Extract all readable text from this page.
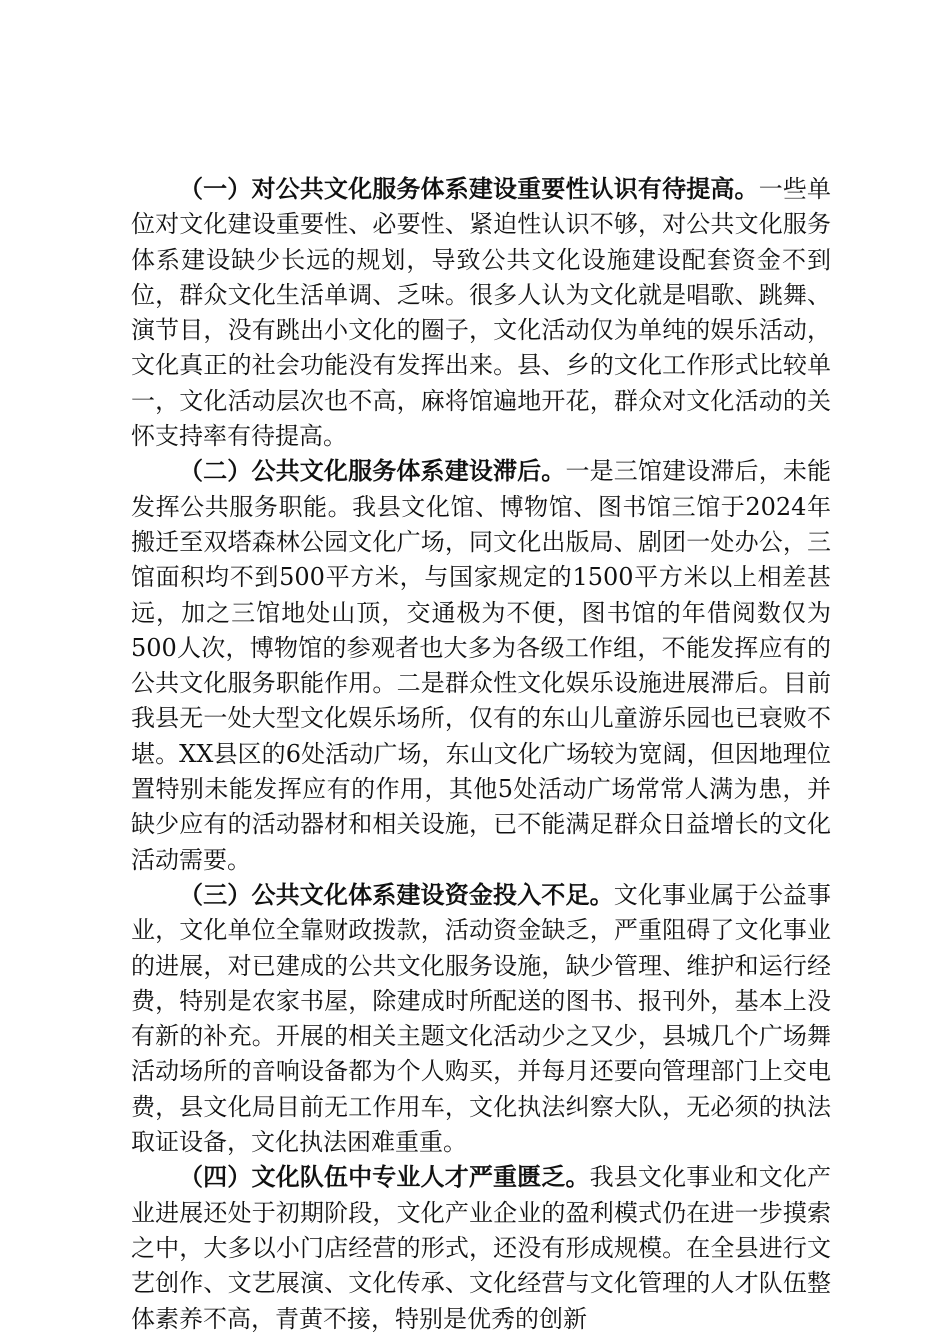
（一）对公共文化服务体系建设重要性认识有待提高。一些单位对文化建设重要性、必要性、紧迫性认识不够，对公共文化服务体系建设缺少长远的规划，导致公共文化设施建设配套资金不到位，群众文化生活单调、乏味。很多人认为文化就是唱歌、跳舞、演节目，没有跳出小文化的圈子，文化活动仅为单纯的娱乐活动，文化真正的社会功能没有发挥出来。县、乡的文化工作形式比较单一，文化活动层次也不高，麻将馆遍地开花，群众对文化活动的关怀支持率有待提高。

（二）公共文化服务体系建设滞后。一是三馆建设滞后，未能发挥公共服务职能。我县文化馆、博物馆、图书馆三馆于2024年搬迁至双塔森林公园文化广场，同文化出版局、剧团一处办公，三馆面积均不到500平方米，与国家规定的1500平方米以上相差甚远，加之三馆地处山顶，交通极为不便，图书馆的年借阅数仅为500人次，博物馆的参观者也大多为各级工作组，不能发挥应有的公共文化服务职能作用。二是群众性文化娱乐设施进展滞后。目前我县无一处大型文化娱乐场所，仅有的东山儿童游乐园也已衰败不堪。XX县区的6处活动广场，东山文化广场较为宽阔，但因地理位置特别未能发挥应有的作用，其他5处活动广场常常人满为患，并缺少应有的活动器材和相关设施，已不能满足群众日益增长的文化活动需要。

（三）公共文化体系建设资金投入不足。文化事业属于公益事业，文化单位全靠财政拨款，活动资金缺乏，严重阻碍了文化事业的进展，对已建成的公共文化服务设施，缺少管理、维护和运行经费，特别是农家书屋，除建成时所配送的图书、报刊外，基本上没有新的补充。开展的相关主题文化活动少之又少，县城几个广场舞活动场所的音响设备都为个人购买，并每月还要向管理部门上交电费，县文化局目前无工作用车，文化执法纠察大队，无必须的执法取证设备，文化执法困难重重。

（四）文化队伍中专业人才严重匮乏。我县文化事业和文化产业进展还处于初期阶段，文化产业企业的盈利模式仍在进一步摸索之中，大多以小门店经营的形式，还没有形成规模。在全县进行文艺创作、文艺展演、文化传承、文化经营与文化管理的人才队伍整体素养不高，青黄不接，特别是优秀的创新
